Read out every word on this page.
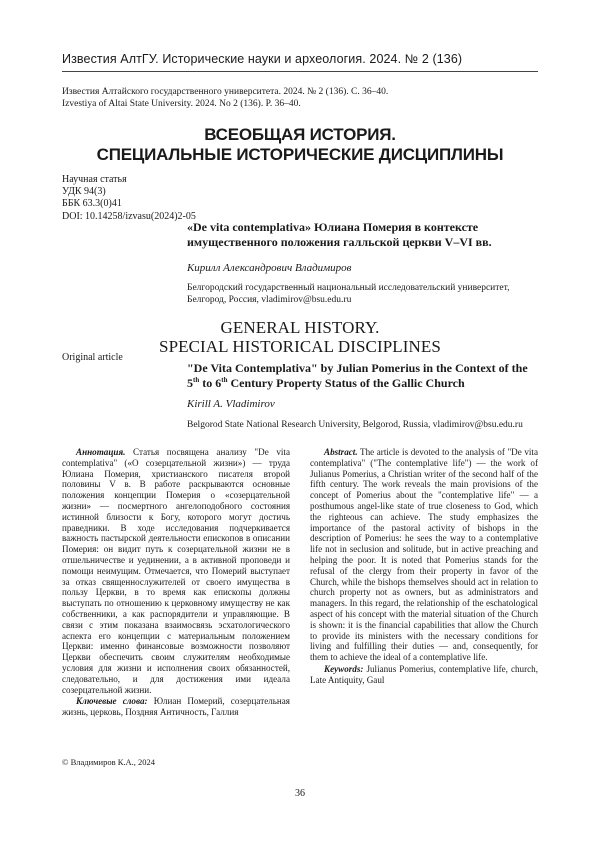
Известия АлтГУ. Исторические науки и археология. 2024. № 2 (136)
Известия Алтайского государственного университета. 2024. № 2 (136). С. 36–40.
Izvestiya of Altai State University. 2024. No 2 (136). P. 36–40.
ВСЕОБЩАЯ ИСТОРИЯ.
СПЕЦИАЛЬНЫЕ ИСТОРИЧЕСКИЕ ДИСЦИПЛИНЫ
Научная статья
УДК 94(3)
ББК 63.3(0)41
DOI: 10.14258/izvasu(2024)2-05
«De vita contemplativa» Юлиана Померия в контексте имущественного положения галльской церкви V–VI вв.
Кирилл Александрович Владимиров
Белгородский государственный национальный исследовательский университет, Белгород, Россия, vladimirov@bsu.edu.ru
GENERAL HISTORY.
SPECIAL HISTORICAL DISCIPLINES
Original article
"De Vita Contemplativa" by Julian Pomerius in the Context of the 5th to 6th Century Property Status of the Gallic Church
Kirill A. Vladimirov
Belgorod State National Research University, Belgorod, Russia, vladimirov@bsu.edu.ru

Аннотация. Статья посвящена анализу "De vita contemplativa" («О созерцательной жизни») — труда Юлиана Померия, христианского писателя второй половины V в. В работе раскрываются основные положения концепции Померия о «созерцательной жизни» — посмертного ангелоподобного состояния истинной близости к Богу, которого могут достичь праведники. В ходе исследования подчеркивается важность пастырской деятельности епископов в описании Померия: он видит путь к созерцательной жизни не в отшельничестве и уединении, а в активной проповеди и помощи неимущим. Отмечается, что Померий выступает за отказ священнослужителей от своего имущества в пользу Церкви, в то время как епископы должны выступать по отношению к церковному имуществу не как собственники, а как распорядители и управляющие. В связи с этим показана взаимосвязь эсхатологического аспекта его концепции с материальным положением Церкви: именно финансовые возможности позволяют Церкви обеспечить своим служителям необходимые условия для жизни и исполнения своих обязанностей, следовательно, и для достижения ими идеала созерцательной жизни.

Ключевые слова: Юлиан Померий, созерцательная жизнь, церковь, Поздняя Античность, Галлия

Abstract. The article is devoted to the analysis of "De vita contemplativa" ("The contemplative life") — the work of Julianus Pomerius, a Christian writer of the second half of the fifth century. The work reveals the main provisions of the concept of Pomerius about the "contemplative life" — a posthumous angel-like state of true closeness to God, which the righteous can achieve. The study emphasizes the importance of the pastoral activity of bishops in the description of Pomerius: he sees the way to a contemplative life not in seclusion and solitude, but in active preaching and helping the poor. It is noted that Pomerius stands for the refusal of the clergy from their property in favor of the Church, while the bishops themselves should act in relation to church property not as owners, but as administrators and managers. In this regard, the relationship of the eschatological aspect of his concept with the material situation of the Church is shown: it is the financial capabilities that allow the Church to provide its ministers with the necessary conditions for living and fulfilling their duties — and, consequently, for them to achieve the ideal of a contemplative life.

Keywords: Julianus Pomerius, contemplative life, church, Late Antiquity, Gaul

© Владимиров К.А., 2024
36
